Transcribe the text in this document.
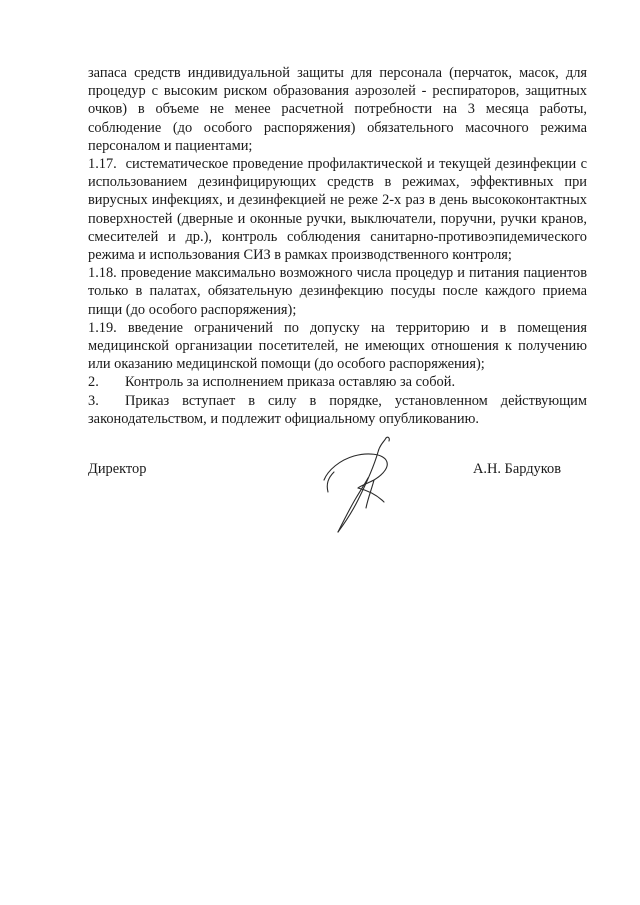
запаса средств индивидуальной защиты для персонала (перчаток, масок, для процедур с высоким риском образования аэрозолей - респираторов, защитных очков) в объеме не менее расчетной потребности на 3 месяца работы, соблюдение (до особого распоряжения) обязательного масочного режима персоналом и пациентами;

1.17. систематическое проведение профилактической и текущей дезинфекции с использованием дезинфицирующих средств в режимах, эффективных при вирусных инфекциях, и дезинфекцией не реже 2-х раз в день высококонтактных поверхностей (дверные и оконные ручки, выключатели, поручни, ручки кранов, смесителей и др.), контроль соблюдения санитарно-противоэпидемического режима и использования СИЗ в рамках производственного контроля;

1.18. проведение максимально возможного числа процедур и питания пациентов только в палатах, обязательную дезинфекцию посуды после каждого приема пищи (до особого распоряжения);

1.19. введение ограничений по допуску на территорию и в помещения медицинской организации посетителей, не имеющих отношения к получению или оказанию медицинской помощи (до особого распоряжения);

2. Контроль за исполнением приказа оставляю за собой.

3. Приказ вступает в силу в порядке, установленном действующим законодательством, и подлежит официальному опубликованию.

Директор	А.Н. Бардуков
